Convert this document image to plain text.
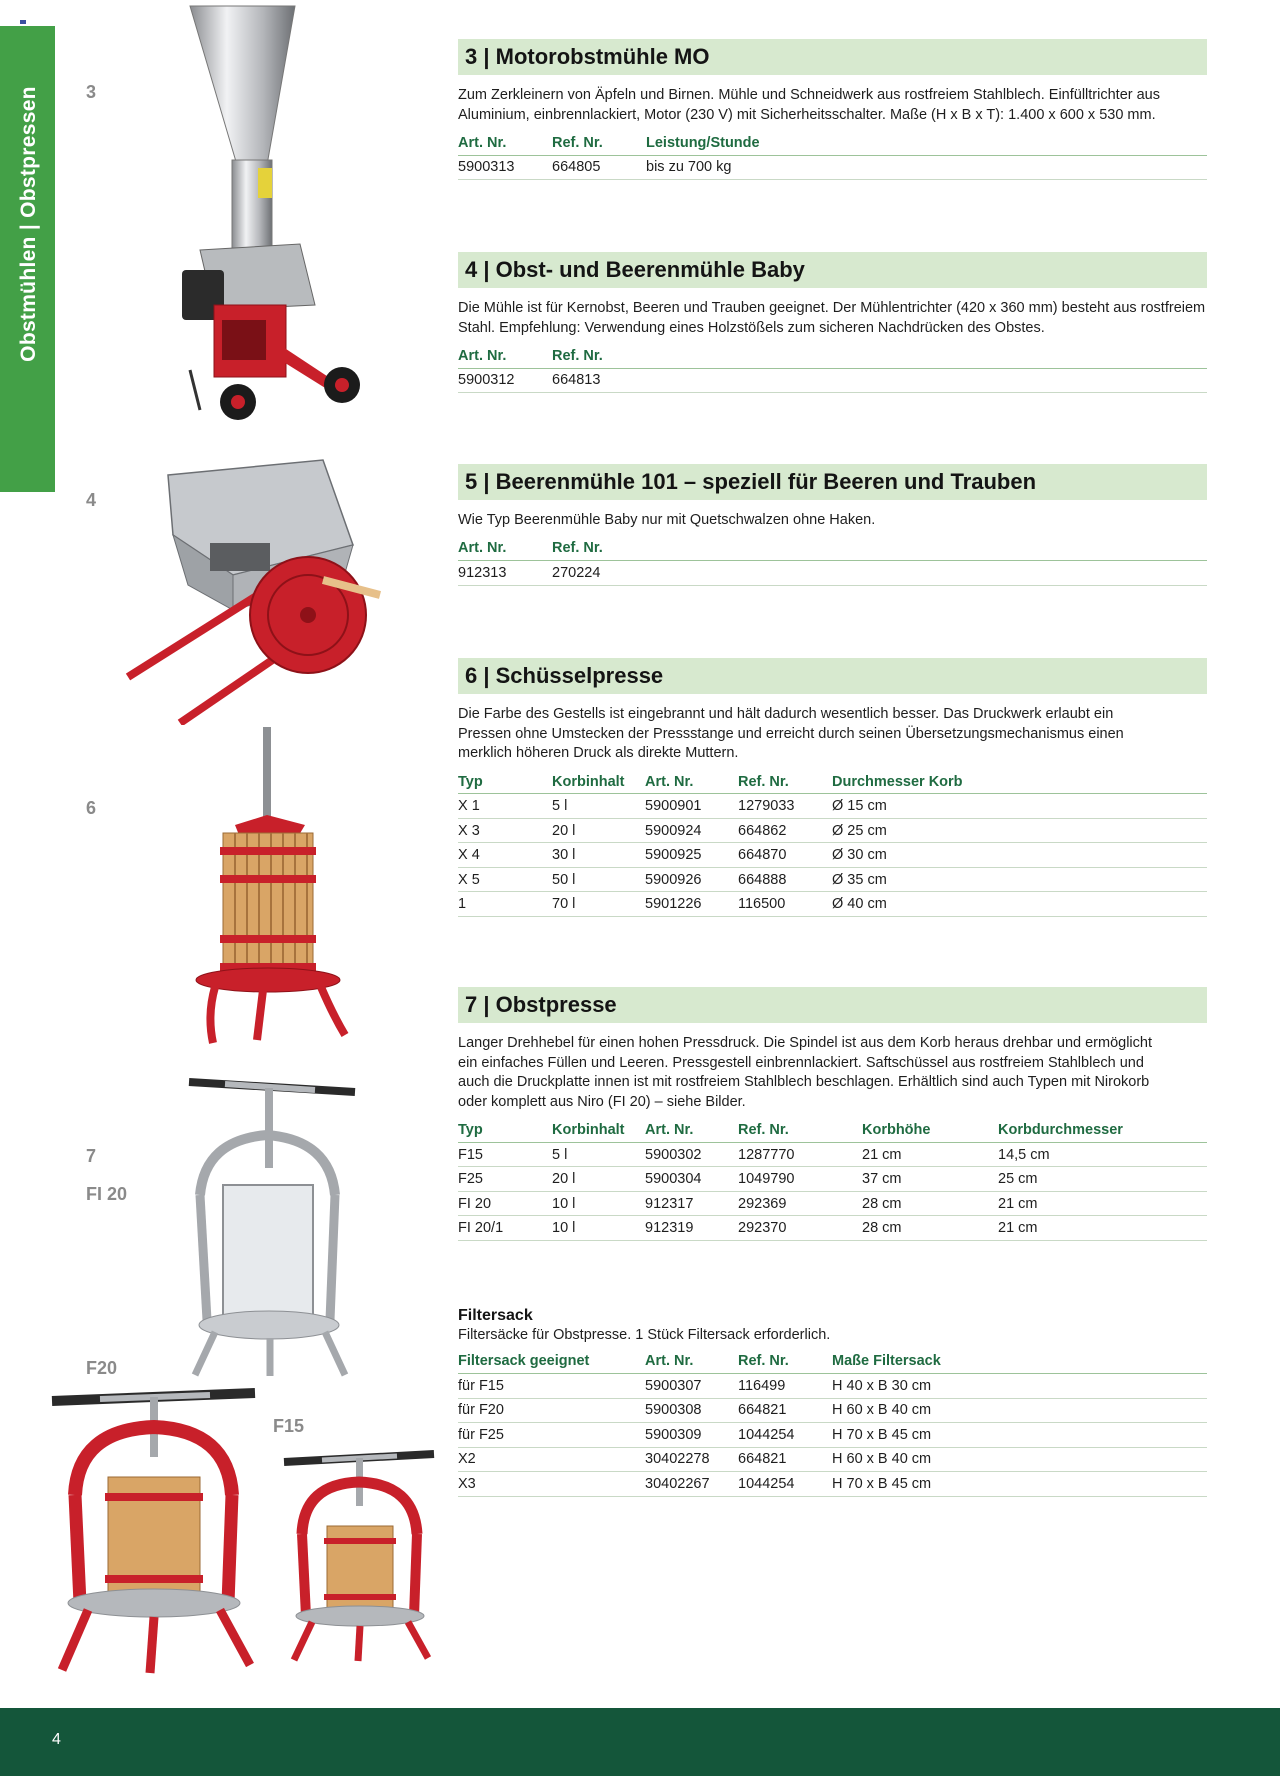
Obstmühlen | Obstpressen	3
4
6
7
FI 20
F20
F15
3 | Motorobstmühle MO
Zum Zerkleinern von Äpfeln und Birnen. Mühle und Schneidwerk aus rostfreiem Stahlblech. Einfülltrichter aus Aluminium, einbrennlackiert, Motor (230 V) mit Sicherheitsschalter. Maße (H x B x T): 1.400 x 600 x 530 mm.
Art. Nr.	Ref. Nr.	Leistung/Stunde
5900313	664805	bis zu 700 kg
4 | Obst- und Beerenmühle Baby
Die Mühle ist für Kernobst, Beeren und Trauben geeignet. Der Mühlentrichter (420 x 360 mm) besteht aus rostfreiem Stahl. Empfehlung: Verwendung eines Holzstößels zum sicheren Nachdrücken des Obstes.
Art. Nr.	Ref. Nr.
5900312	664813
5 | Beerenmühle 101 – speziell für Beeren und Trauben
Wie Typ Beerenmühle Baby nur mit Quetschwalzen ohne Haken.
Art. Nr.	Ref. Nr.
912313	270224
6 | Schüsselpresse
Die Farbe des Gestells ist eingebrannt und hält dadurch wesentlich besser. Das Druckwerk erlaubt ein Pressen ohne Umstecken der Pressstange und erreicht durch seinen Übersetzungsmechanismus einen merklich höheren Druck als direkte Muttern.
Typ	Korbinhalt	Art. Nr.	Ref. Nr.	Durchmesser Korb
X 1	5 l	5900901	1279033	Ø 15 cm
X 3	20 l	5900924	664862	Ø 25 cm
X 4	30 l	5900925	664870	Ø 30 cm
X 5	50 l	5900926	664888	Ø 35 cm
1	70 l	5901226	116500	Ø 40 cm
7 | Obstpresse
Langer Drehhebel für einen hohen Pressdruck. Die Spindel ist aus dem Korb heraus drehbar und ermöglicht ein einfaches Füllen und Leeren. Pressgestell einbrennlackiert. Saftschüssel aus rostfreiem Stahlblech und auch die Druckplatte innen ist mit rostfreiem Stahlblech beschlagen. Erhältlich sind auch Typen mit Nirokorb oder komplett aus Niro (FI 20) – siehe Bilder.
Typ	Korbinhalt	Art. Nr.	Ref. Nr.	Korbhöhe	Korbdurchmesser
F15	5 l	5900302	1287770	21 cm	14,5 cm
F25	20 l	5900304	1049790	37 cm	25 cm
FI 20	10 l	912317	292369	28 cm	21 cm
FI 20/1	10 l	912319	292370	28 cm	21 cm
Filtersack
Filtersäcke für Obstpresse. 1 Stück Filtersack erforderlich.
Filtersack geeignet	Art. Nr.	Ref. Nr.	Maße Filtersack
für F15	5900307	116499	H 40 x B 30 cm
für F20	5900308	664821	H 60 x B 40 cm
für F25	5900309	1044254	H 70 x B 45 cm
X2	30402278	664821	H 60 x B 40 cm
X3	30402267	1044254	H 70 x B 45 cm
4
